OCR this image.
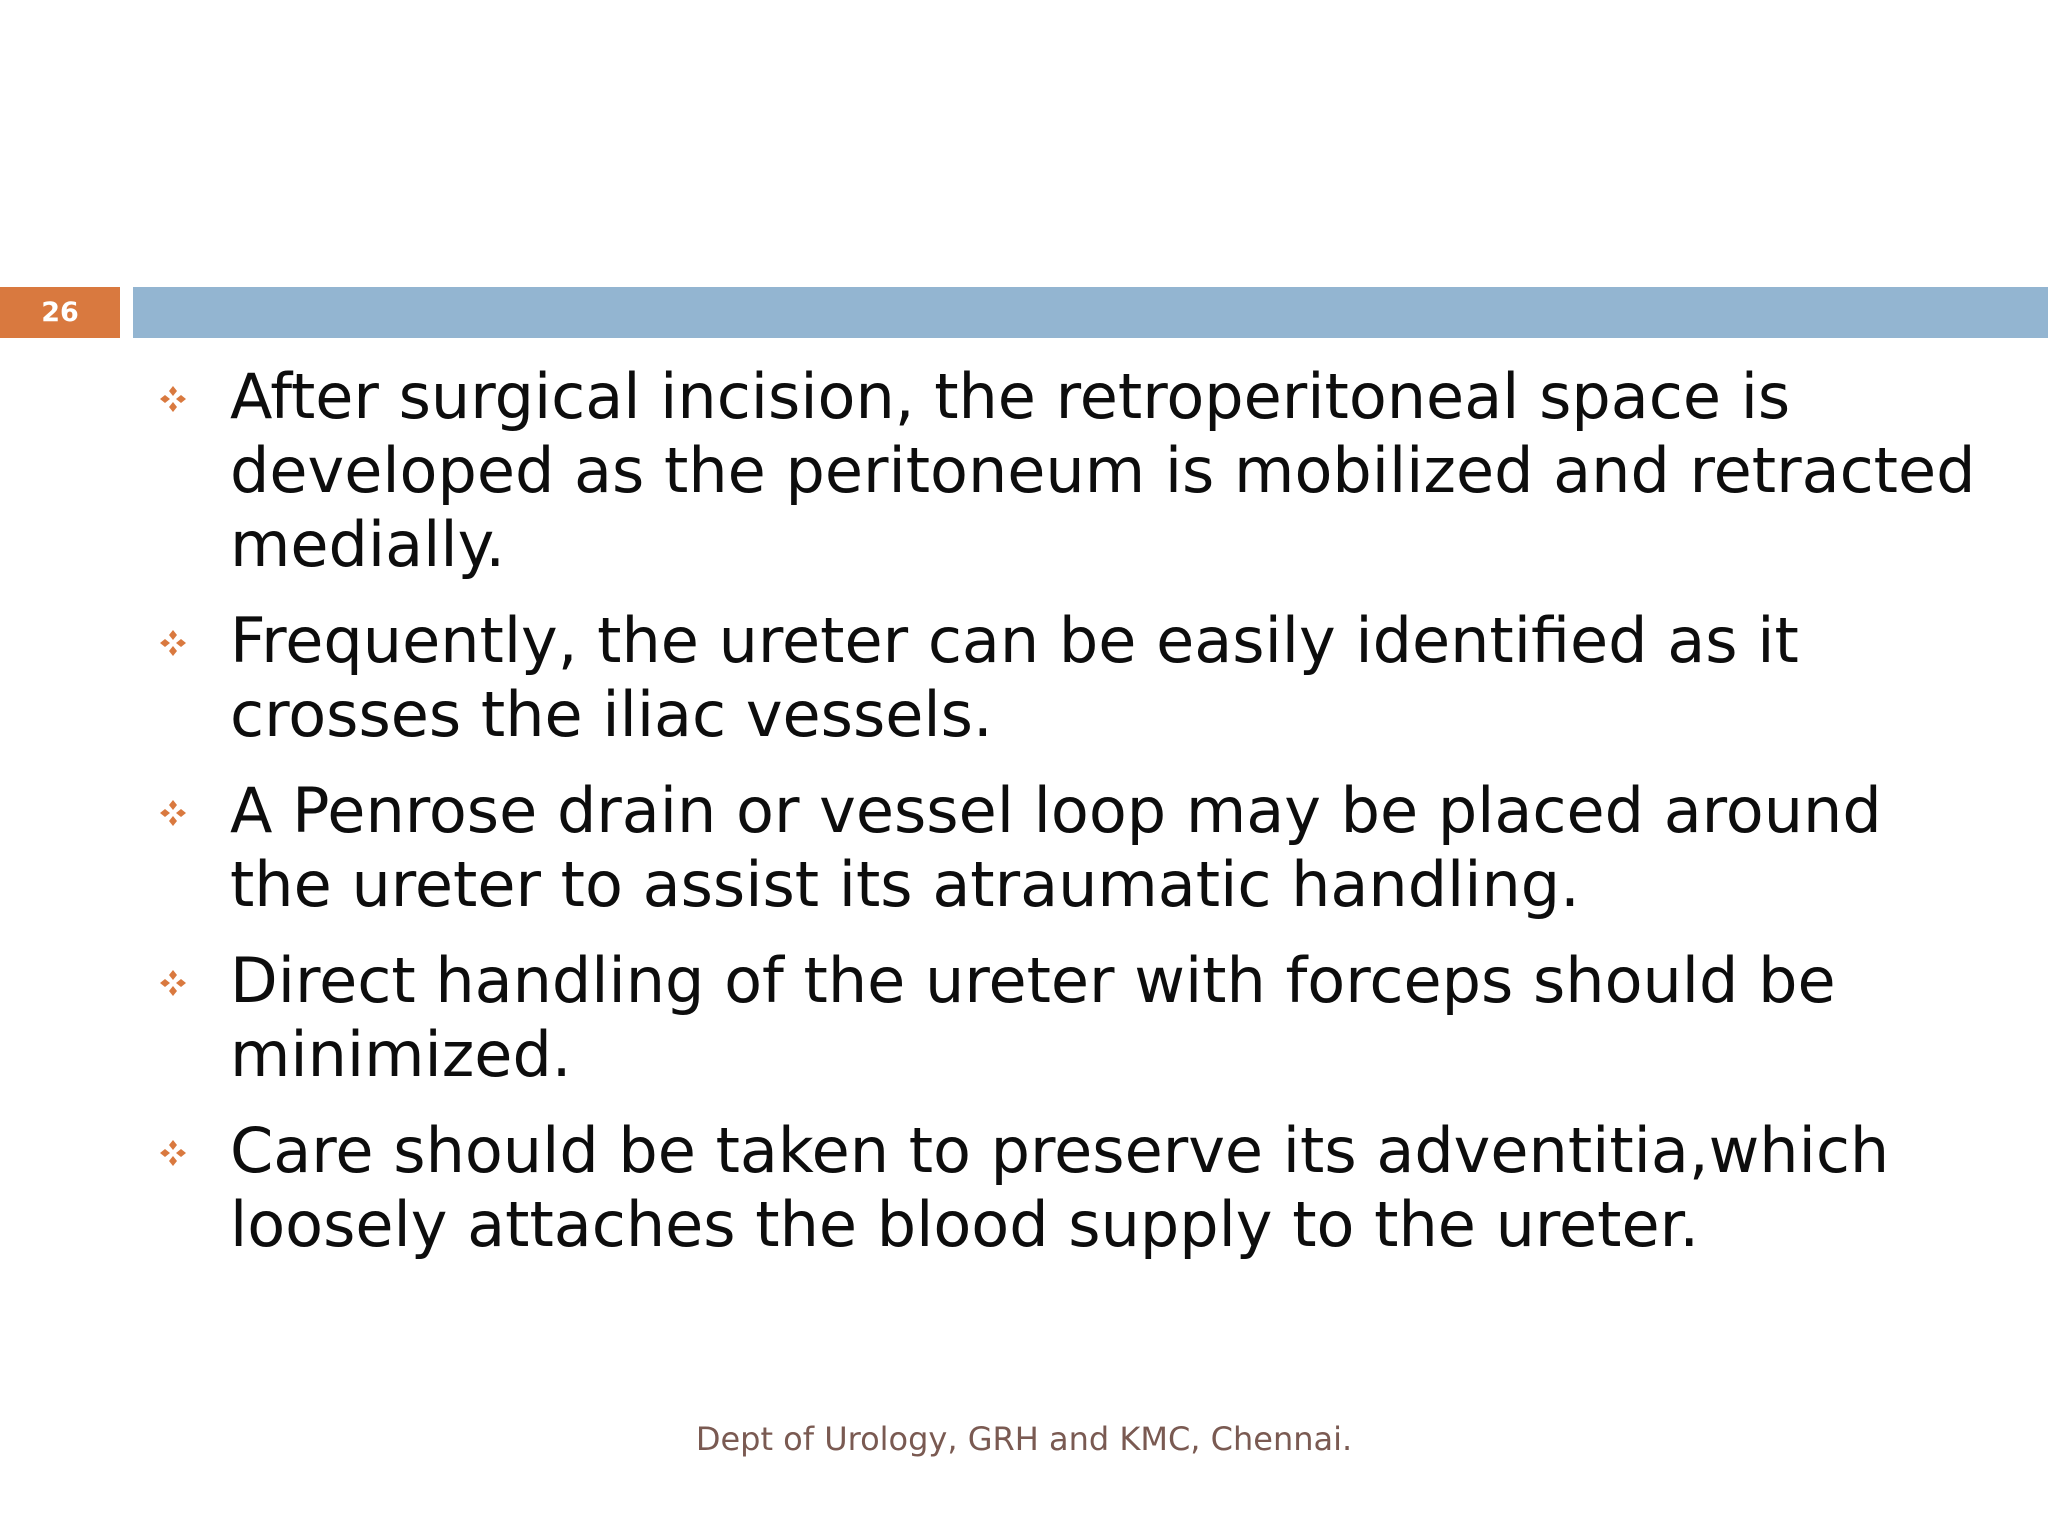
26
After surgical incision, the retroperitoneal space is developed as the peritoneum is mobilized and retracted medially.
Frequently, the ureter can be easily identified as it crosses the iliac vessels.
A Penrose drain or vessel loop may be placed around the ureter to assist its atraumatic handling.
Direct handling of the ureter with forceps should be minimized.
Care should be taken to preserve its adventitia,which loosely attaches the blood supply to the ureter.
Dept of Urology, GRH and KMC, Chennai.
